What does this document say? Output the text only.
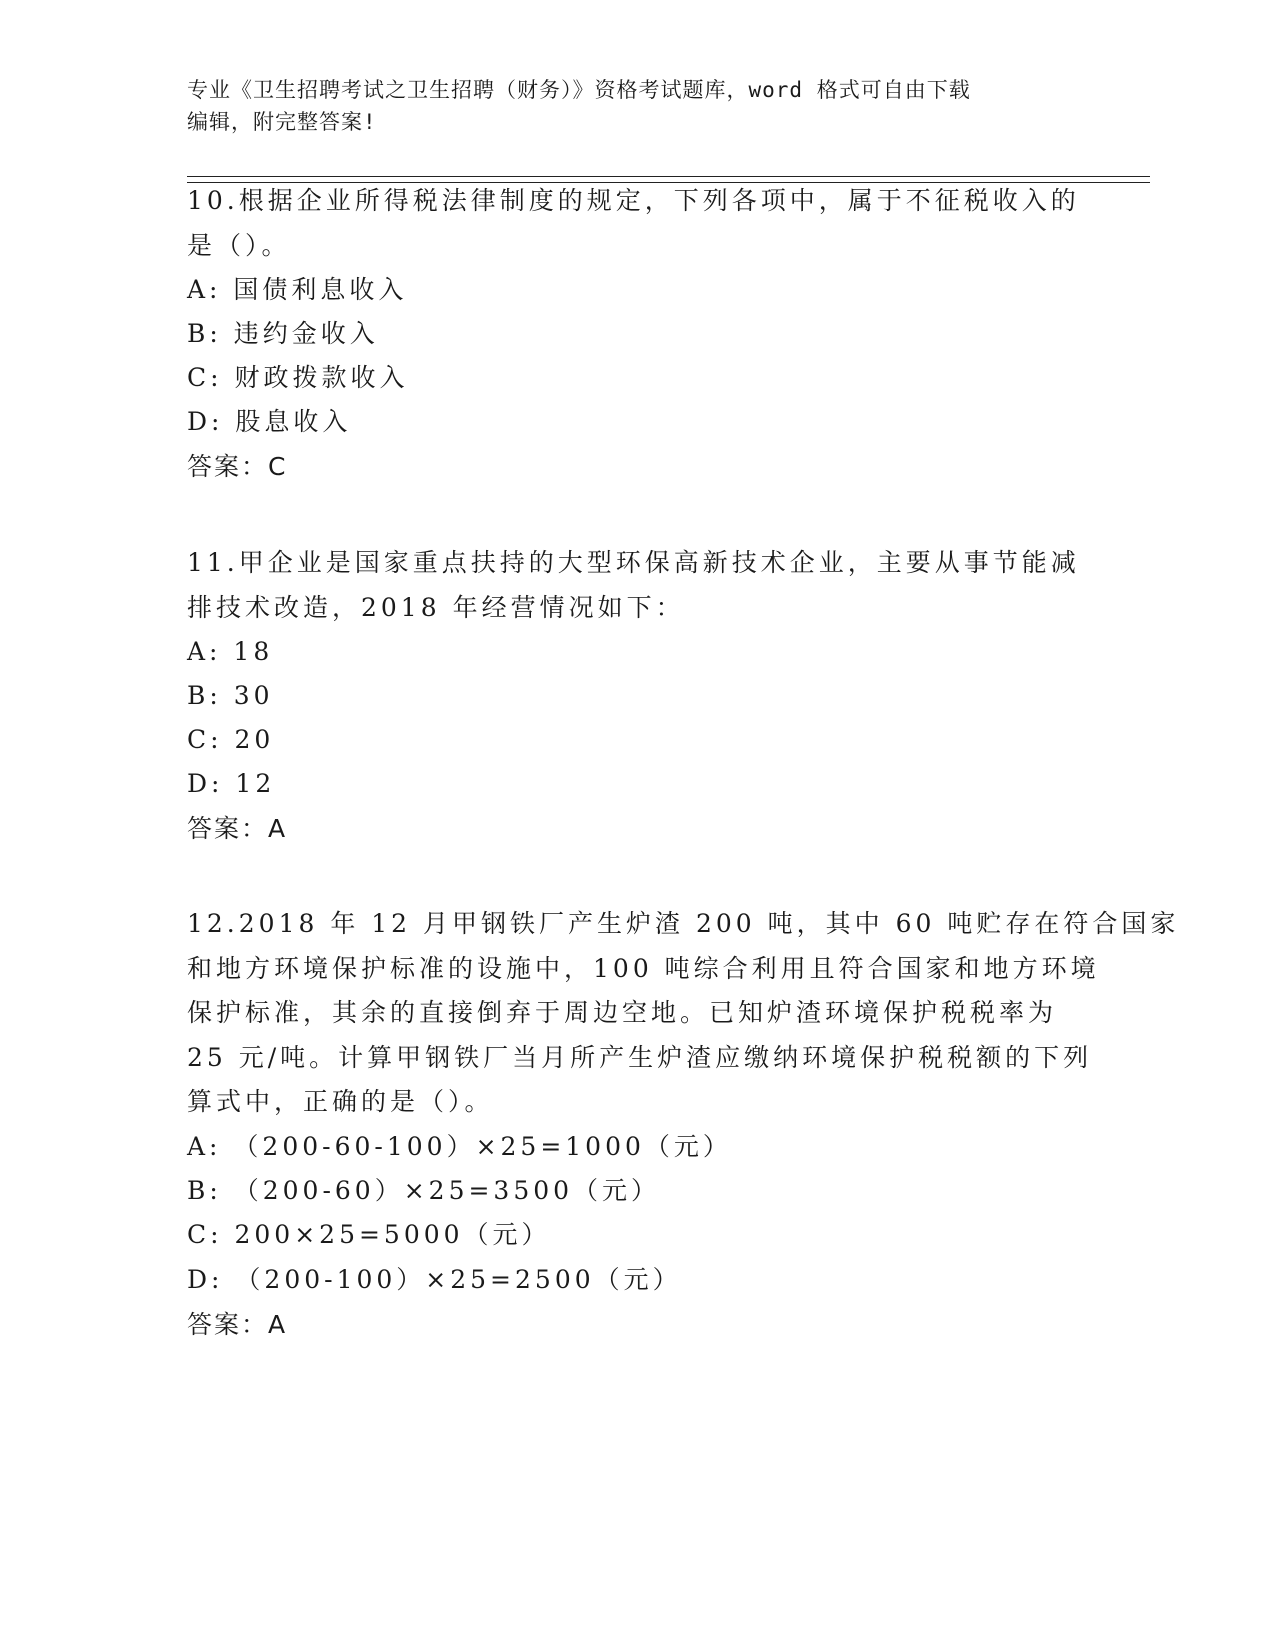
专业《卫生招聘考试之卫生招聘（财务）》资格考试题库，word 格式可自由下载
编辑，附完整答案!
10.根据企业所得税法律制度的规定，下列各项中，属于不征税收入的
是（）。
A: 国债利息收入
B: 违约金收入
C: 财政拨款收入
D: 股息收入
答案：C
11.甲企业是国家重点扶持的大型环保高新技术企业，主要从事节能减
排技术改造，2018 年经营情况如下：
A: 18
B: 30
C: 20
D: 12
答案：A
12.2018 年 12 月甲钢铁厂产生炉渣 200 吨，其中 60 吨贮存在符合国家
和地方环境保护标准的设施中，100 吨综合利用且符合国家和地方环境
保护标准，其余的直接倒弃于周边空地。已知炉渣环境保护税税率为
25 元/吨。计算甲钢铁厂当月所产生炉渣应缴纳环境保护税税额的下列
算式中，正确的是（）。
A: （200-60-100）×25=1000（元）
B: （200-60）×25=3500（元）
C: 200×25=5000（元）
D: （200-100）×25=2500（元）
答案：A
